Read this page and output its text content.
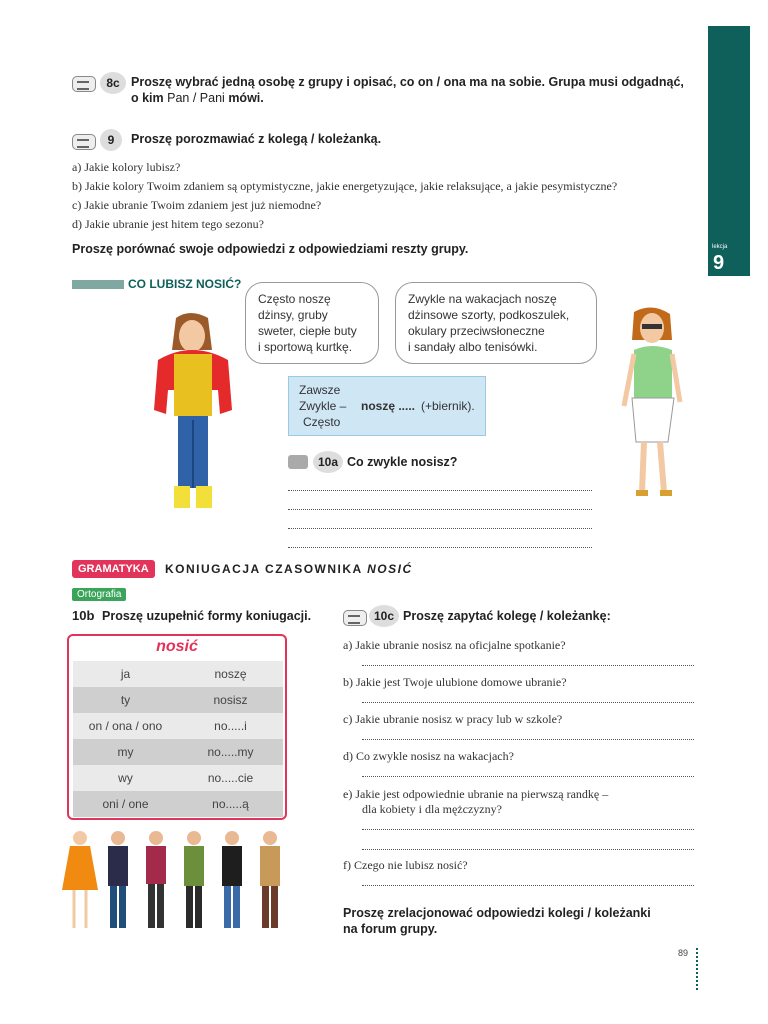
lekcja
9
8c Proszę wybrać jedną osobę z grupy i opisać, co on / ona ma na sobie. Grupa musi odgadnąć,
o kim Pan / Pani mówi.
9	Proszę porozmawiać z kolegą / koleżanką.
a) Jakie kolory lubisz?
b) Jakie kolory Twoim zdaniem są optymistyczne, jakie energetyzujące, jakie relaksujące, a jakie pesymistyczne?
c) Jakie ubranie Twoim zdaniem jest już niemodne?
d) Jakie ubranie jest hitem tego sezonu?
Proszę porównać swoje odpowiedzi z odpowiedziami reszty grupy.
CO LUBISZ NOSIĆ?
Często noszę
dżinsy, gruby
sweter, ciepłe buty
i sportową kurtkę.
Zwykle na wakacjach noszę
dżinsowe szorty, podkoszulek,
okulary przeciwsłoneczne
i sandały albo tenisówki.
Zawsze
Zwykle –
Często
noszę ..... (+biernik).
10a Co zwykle nosisz?
GRAMATYKA	KONIUGACJA CZASOWNIKA NOSIĆ
Ortografia
10b Proszę uzupełnić formy koniugacji.
nosić
ja	noszę
ty	nosisz
on / ona / ono	no.....i
my	no.....my
wy	no.....cie
oni / one	no.....ą
10c Proszę zapytać kolegę / koleżankę:
a) Jakie ubranie nosisz na oficjalne spotkanie?
b) Jakie jest Twoje ulubione domowe ubranie?
c) Jakie ubranie nosisz w pracy lub w szkole?
d) Co zwykle nosisz na wakacjach?
e) Jakie jest odpowiednie ubranie na pierwszą randkę –
dla kobiety i dla mężczyzny?
f) Czego nie lubisz nosić?
Proszę zrelacjonować odpowiedzi kolegi / koleżanki
na forum grupy.
89
